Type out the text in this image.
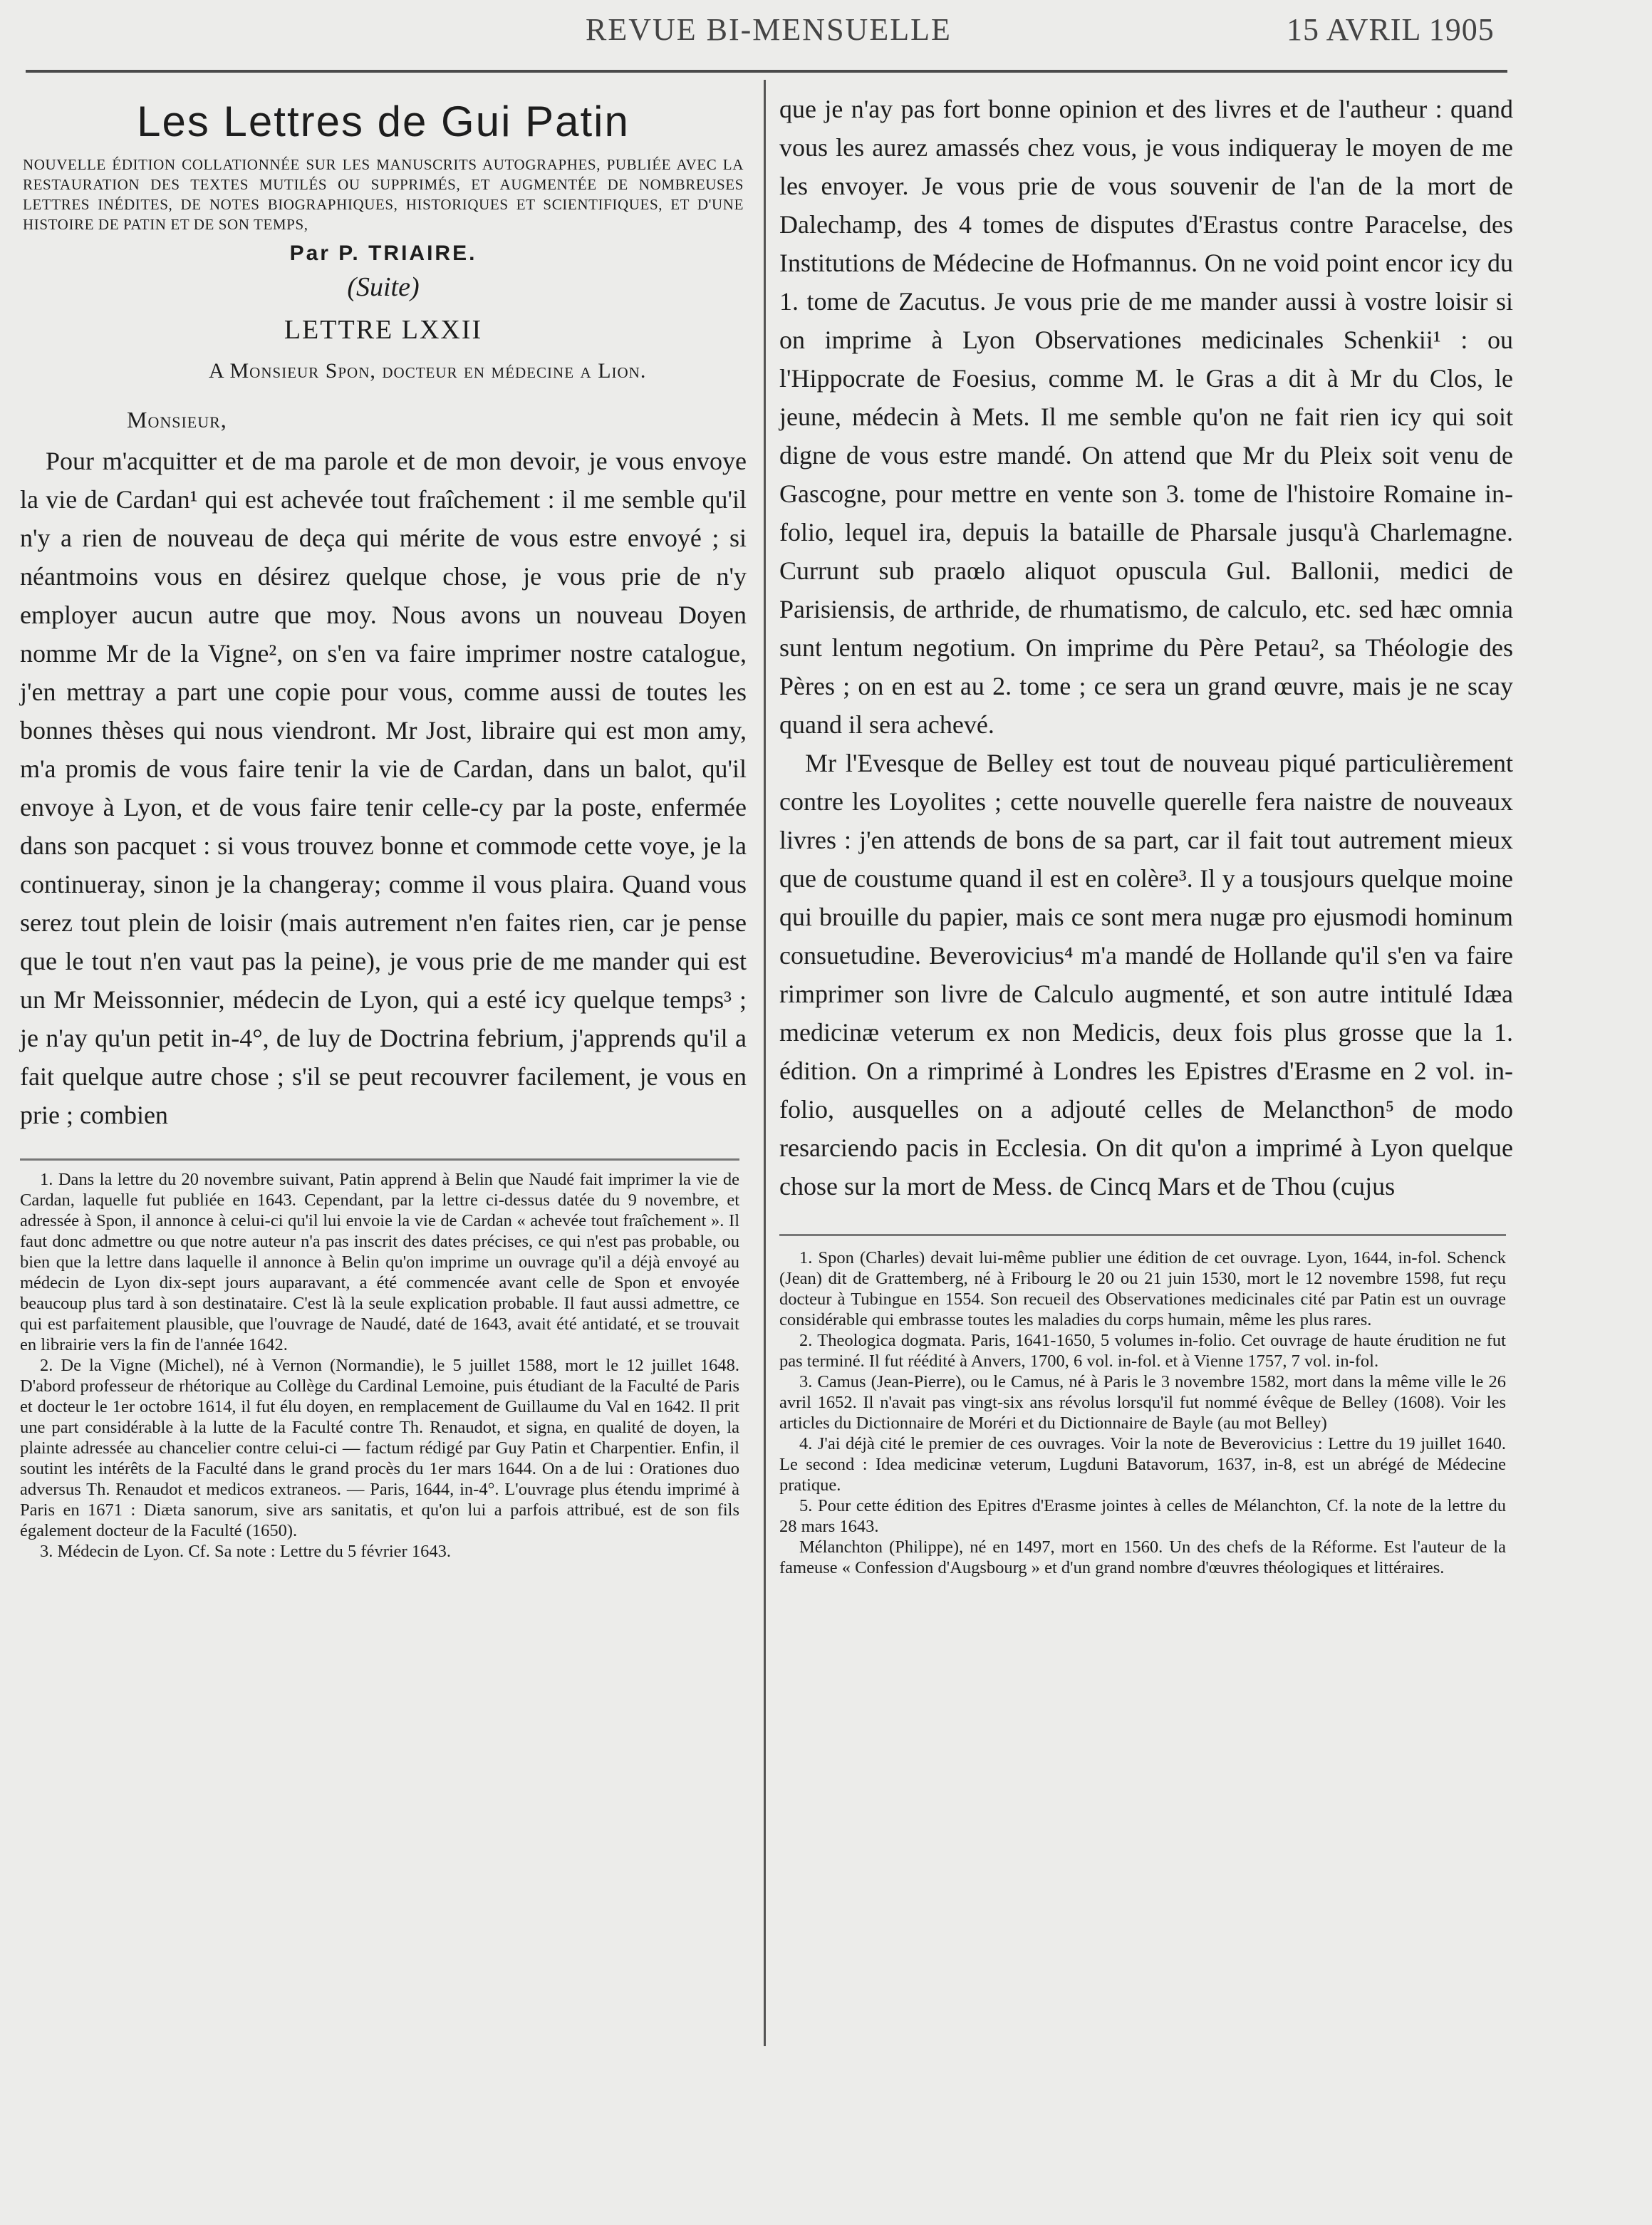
REVUE BI-MENSUELLE	15 AVRIL 1905
Les Lettres de Gui Patin
NOUVELLE ÉDITION COLLATIONNÉE SUR LES MANUSCRITS AUTOGRAPHES, PUBLIÉE AVEC LA RESTAURATION DES TEXTES MUTILÉS OU SUPPRIMÉS, ET AUGMENTÉE DE NOMBREUSES LETTRES INÉDITES, DE NOTES BIOGRAPHIQUES, HISTORIQUES ET SCIENTIFIQUES, ET D'UNE HISTOIRE DE PATIN ET DE SON TEMPS,
Par P. TRIAIRE.
(Suite)
LETTRE LXXII
A Monsieur Spon, docteur en médecine a Lion.
Monsieur,

Pour m'acquitter et de ma parole et de mon devoir, je vous envoye la vie de Cardan¹ qui est achevée tout fraîchement : il me semble qu'il n'y a rien de nouveau de deça qui mérite de vous estre envoyé ; si néantmoins vous en désirez quelque chose, je vous prie de n'y employer aucun autre que moy. Nous avons un nouveau Doyen nomme Mr de la Vigne², on s'en va faire imprimer nostre catalogue, j'en mettray a part une copie pour vous, comme aussi de toutes les bonnes thèses qui nous viendront. Mr Jost, libraire qui est mon amy, m'a promis de vous faire tenir la vie de Cardan, dans un balot, qu'il envoye à Lyon, et de vous faire tenir celle-cy par la poste, enfermée dans son pacquet : si vous trouvez bonne et commode cette voye, je la continueray, sinon je la changeray; comme il vous plaira. Quand vous serez tout plein de loisir (mais autrement n'en faites rien, car je pense que le tout n'en vaut pas la peine), je vous prie de me mander qui est un Mr Meissonnier, médecin de Lyon, qui a esté icy quelque temps³ ; je n'ay qu'un petit in-4°, de luy de Doctrina febrium, j'apprends qu'il a fait quelque autre chose ; s'il se peut recouvrer facilement, je vous en prie ; combien

1. Dans la lettre du 20 novembre suivant, Patin apprend à Belin que Naudé fait imprimer la vie de Cardan, laquelle fut publiée en 1643. Cependant, par la lettre ci-dessus datée du 9 novembre, et adressée à Spon, il annonce à celui-ci qu'il lui envoie la vie de Cardan « achevée tout fraîchement ». Il faut donc admettre ou que notre auteur n'a pas inscrit des dates précises, ce qui n'est pas probable, ou bien que la lettre dans laquelle il annonce à Belin qu'on imprime un ouvrage qu'il a déjà envoyé au médecin de Lyon dix-sept jours auparavant, a été commencée avant celle de Spon et envoyée beaucoup plus tard à son destinataire. C'est là la seule explication probable. Il faut aussi admettre, ce qui est parfaitement plausible, que l'ouvrage de Naudé, daté de 1643, avait été antidaté, et se trouvait en librairie vers la fin de l'année 1642.

2. De la Vigne (Michel), né à Vernon (Normandie), le 5 juillet 1588, mort le 12 juillet 1648. D'abord professeur de rhétorique au Collège du Cardinal Lemoine, puis étudiant de la Faculté de Paris et docteur le 1er octobre 1614, il fut élu doyen, en remplacement de Guillaume du Val en 1642. Il prit une part considérable à la lutte de la Faculté contre Th. Renaudot, et signa, en qualité de doyen, la plainte adressée au chancelier contre celui-ci — factum rédigé par Guy Patin et Charpentier. Enfin, il soutint les intérêts de la Faculté dans le grand procès du 1er mars 1644. On a de lui : Orationes duo adversus Th. Renaudot et medicos extraneos. — Paris, 1644, in-4°. L'ouvrage plus étendu imprimé à Paris en 1671 : Diæta sanorum, sive ars sanitatis, et qu'on lui a parfois attribué, est de son fils également docteur de la Faculté (1650).

3. Médecin de Lyon. Cf. Sa note : Lettre du 5 février 1643.

que je n'ay pas fort bonne opinion et des livres et de l'autheur : quand vous les aurez amassés chez vous, je vous indiqueray le moyen de me les envoyer. Je vous prie de vous souvenir de l'an de la mort de Dalechamp, des 4 tomes de disputes d'Erastus contre Paracelse, des Institutions de Médecine de Hofmannus. On ne void point encor icy du 1. tome de Zacutus. Je vous prie de me mander aussi à vostre loisir si on imprime à Lyon Observationes medicinales Schenkii¹ : ou l'Hippocrate de Foesius, comme M. le Gras a dit à Mr du Clos, le jeune, médecin à Mets. Il me semble qu'on ne fait rien icy qui soit digne de vous estre mandé. On attend que Mr du Pleix soit venu de Gascogne, pour mettre en vente son 3. tome de l'histoire Romaine in-folio, lequel ira, depuis la bataille de Pharsale jusqu'à Charlemagne. Currunt sub praœlo aliquot opuscula Gul. Ballonii, medici de Parisiensis, de arthride, de rhumatismo, de calculo, etc. sed hæc omnia sunt lentum negotium. On imprime du Père Petau², sa Théologie des Pères ; on en est au 2. tome ; ce sera un grand œuvre, mais je ne scay quand il sera achevé.

Mr l'Evesque de Belley est tout de nouveau piqué particulièrement contre les Loyolites ; cette nouvelle querelle fera naistre de nouveaux livres : j'en attends de bons de sa part, car il fait tout autrement mieux que de coustume quand il est en colère³. Il y a tousjours quelque moine qui brouille du papier, mais ce sont mera nugæ pro ejusmodi hominum consuetudine. Beverovicius⁴ m'a mandé de Hollande qu'il s'en va faire rimprimer son livre de Calculo augmenté, et son autre intitulé Idæa medicinæ veterum ex non Medicis, deux fois plus grosse que la 1. édition. On a rimprimé à Londres les Epistres d'Erasme en 2 vol. in-folio, ausquelles on a adjouté celles de Melancthon⁵ de modo resarciendo pacis in Ecclesia. On dit qu'on a imprimé à Lyon quelque chose sur la mort de Mess. de Cincq Mars et de Thou (cujus

1. Spon (Charles) devait lui-même publier une édition de cet ouvrage. Lyon, 1644, in-fol. Schenck (Jean) dit de Grattemberg, né à Fribourg le 20 ou 21 juin 1530, mort le 12 novembre 1598, fut reçu docteur à Tubingue en 1554. Son recueil des Observationes medicinales cité par Patin est un ouvrage considérable qui embrasse toutes les maladies du corps humain, même les plus rares.

2. Theologica dogmata. Paris, 1641-1650, 5 volumes in-folio. Cet ouvrage de haute érudition ne fut pas terminé. Il fut réédité à Anvers, 1700, 6 vol. in-fol. et à Vienne 1757, 7 vol. in-fol.

3. Camus (Jean-Pierre), ou le Camus, né à Paris le 3 novembre 1582, mort dans la même ville le 26 avril 1652. Il n'avait pas vingt-six ans révolus lorsqu'il fut nommé évêque de Belley (1608). Voir les articles du Dictionnaire de Moréri et du Dictionnaire de Bayle (au mot Belley)

4. J'ai déjà cité le premier de ces ouvrages. Voir la note de Beverovicius : Lettre du 19 juillet 1640. Le second : Idea medicinæ veterum, Lugduni Batavorum, 1637, in-8, est un abrégé de Médecine pratique.

5. Pour cette édition des Epitres d'Erasme jointes à celles de Mélanchton, Cf. la note de la lettre du 28 mars 1643.

Mélanchton (Philippe), né en 1497, mort en 1560. Un des chefs de la Réforme. Est l'auteur de la fameuse « Confession d'Augsbourg » et d'un grand nombre d'œuvres théologiques et littéraires.
